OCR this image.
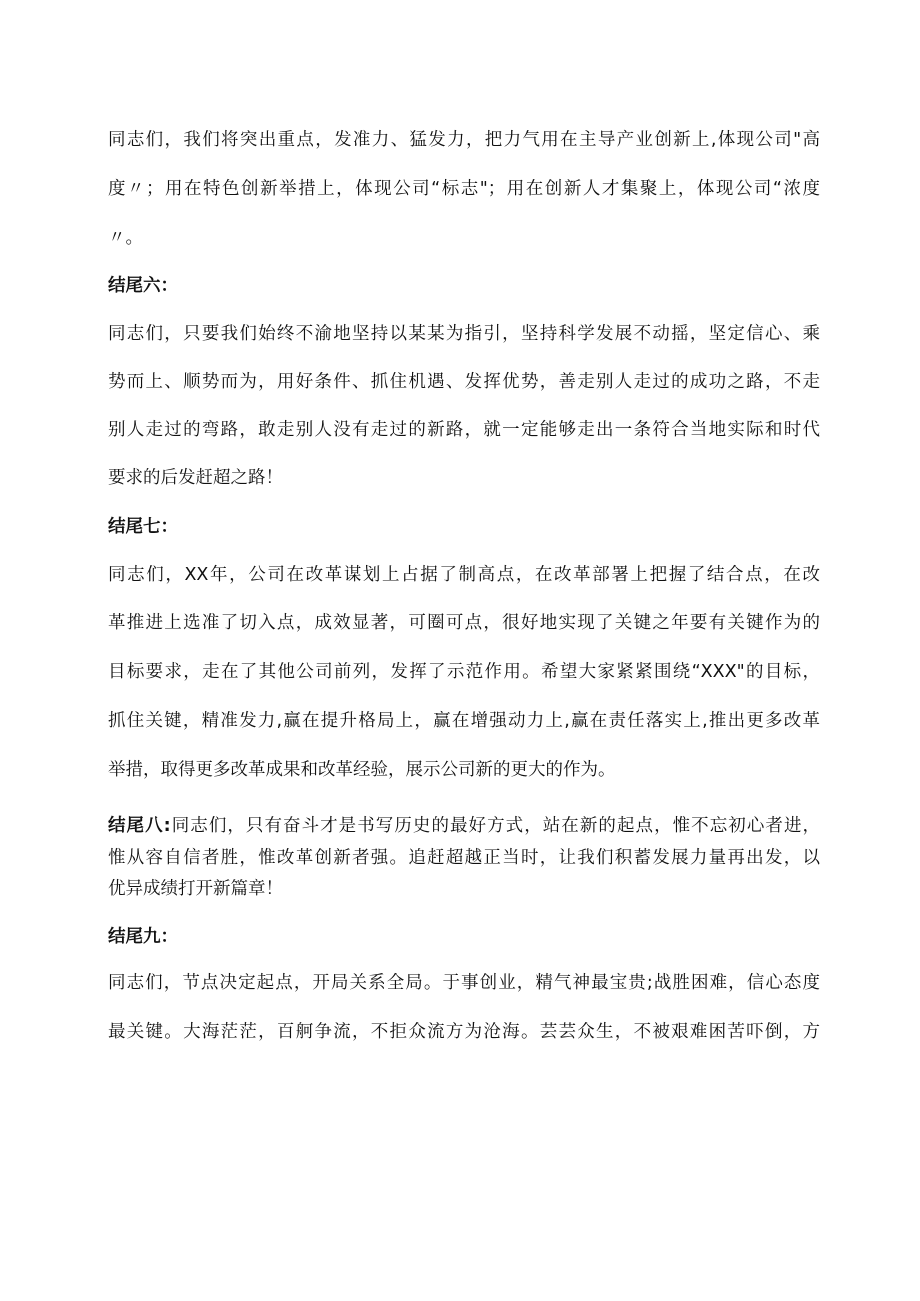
同志们，我们将突出重点，发准力、猛发力，把力气用在主导产业创新上,体现公司"高
度〃；用在特色创新举措上，体现公司“标志"；用在创新人才集聚上，体现公司“浓度
〃。
结尾六：
同志们，只要我们始终不渝地坚持以某某为指引，坚持科学发展不动摇，坚定信心、乘
势而上、顺势而为，用好条件、抓住机遇、发挥优势，善走别人走过的成功之路，不走
别人走过的弯路，敢走别人没有走过的新路，就一定能够走出一条符合当地实际和时代
要求的后发赶超之路！
结尾七：
同志们，XX年，公司在改革谋划上占据了制高点，在改革部署上把握了结合点，在改
革推进上选准了切入点，成效显著，可圈可点，很好地实现了关键之年要有关键作为的
目标要求，走在了其他公司前列，发挥了示范作用。希望大家紧紧围绕“XXX"的目标，
抓住关键，精准发力,赢在提升格局上，赢在增强动力上,赢在责任落实上,推出更多改革
举措，取得更多改革成果和改革经验，展示公司新的更大的作为。
结尾八:同志们，只有奋斗才是书写历史的最好方式，站在新的起点，惟不忘初心者进，
惟从容自信者胜，惟改革创新者强。追赶超越正当时，让我们积蓄发展力量再出发，以
优异成绩打开新篇章！
结尾九：
同志们，节点决定起点，开局关系全局。于事创业，精气神最宝贵;战胜困难，信心态度
最关键。大海茫茫，百舸争流，不拒众流方为沧海。芸芸众生，不被艰难困苦吓倒，方
